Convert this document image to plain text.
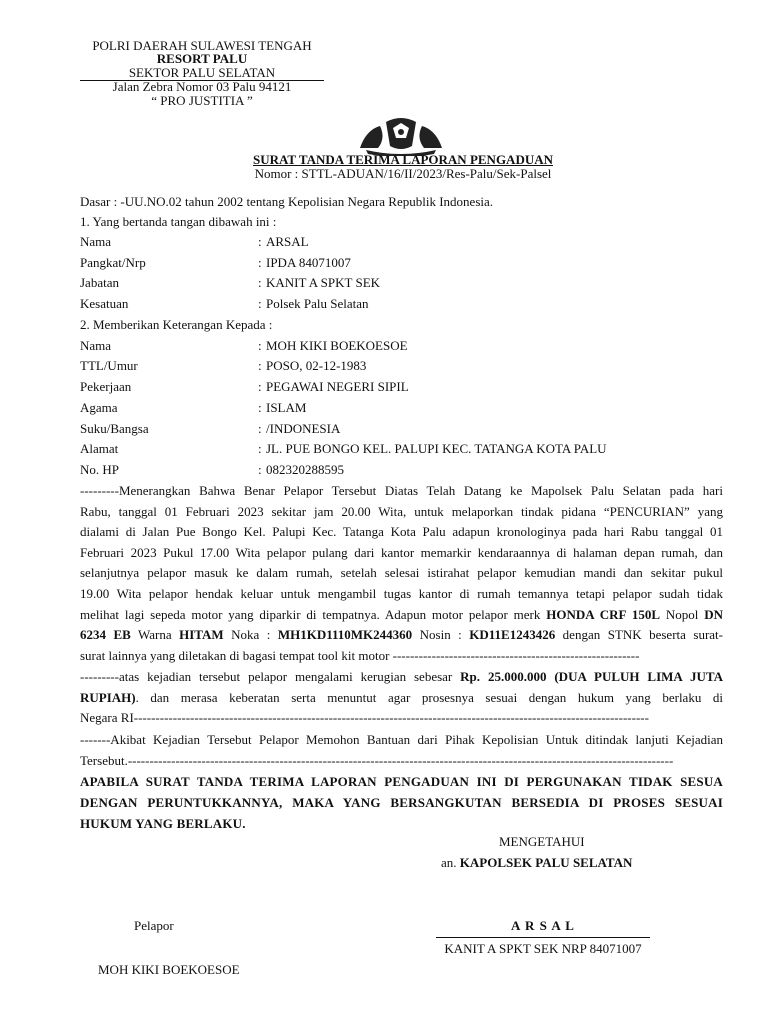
POLRI DAERAH SULAWESI TENGAH
RESORT PALU
SEKTOR PALU SELATAN
Jalan Zebra Nomor 03 Palu 94121
“ PRO JUSTITIA ”
SURAT TANDA TERIMA LAPORAN PENGADUAN
Nomor : STTL-ADUAN/16/II/2023/Res-Palu/Sek-Palsel
Dasar : -UU.NO.02 tahun 2002 tentang Kepolisian Negara Republik Indonesia.
1. Yang bertanda tangan dibawah ini :
Nama	: ARSAL
Pangkat/Nrp	: IPDA 84071007
Jabatan	: KANIT A SPKT SEK
Kesatuan	: Polsek Palu Selatan
2. Memberikan Keterangan Kepada :
Nama	: MOH KIKI BOEKOESOE
TTL/Umur	: POSO, 02-12-1983
Pekerjaan	: PEGAWAI NEGERI SIPIL
Agama	: ISLAM
Suku/Bangsa	: /INDONESIA
Alamat	: JL. PUE BONGO KEL. PALUPI KEC. TATANGA KOTA PALU
No. HP	: 082320288595
---------Menerangkan Bahwa Benar Pelapor Tersebut Diatas Telah Datang ke Mapolsek Palu Selatan pada hari
Rabu, tanggal 01 Februari 2023 sekitar jam 20.00 Wita, untuk melaporkan tindak pidana “PENCURIAN” yang
dialami di Jalan Pue Bongo Kel. Palupi Kec. Tatanga Kota Palu adapun kronologinya pada hari Rabu tanggal 01
Februari 2023 Pukul 17.00 Wita pelapor pulang dari kantor memarkir kendaraannya di halaman depan rumah, dan
selanjutnya pelapor masuk ke dalam rumah, setelah selesai istirahat pelapor kemudian mandi dan sekitar pukul
19.00 Wita pelapor hendak keluar untuk mengambil tugas kantor di rumah temannya tetapi pelapor sudah tidak
melihat lagi sepeda motor yang diparkir di tempatnya. Adapun motor pelapor merk HONDA CRF 150L Nopol DN
6234 EB Warna HITAM Noka : MH1KD1110MK244360 Nosin : KD11E1243426 dengan STNK beserta surat-
surat lainnya yang diletakan di bagasi tempat tool kit motor ---------------------------------------------------------
---------atas kejadian tersebut pelapor mengalami kerugian sebesar Rp. 25.000.000 (DUA PULUH LIMA JUTA
RUPIAH). dan merasa keberatan serta menuntut agar prosesnya sesuai dengan hukum yang berlaku di
Negara RI-----------------------------------------------------------------------------------------------------------------------
-------Akibat Kejadian Tersebut Pelapor Memohon Bantuan dari Pihak Kepolisian Untuk ditindak lanjuti Kejadian
Tersebut.------------------------------------------------------------------------------------------------------------------------------
APABILA SURAT TANDA TERIMA LAPORAN PENGADUAN INI DI PERGUNAKAN TIDAK SESUA
DENGAN PERUNTUKKANNYA, MAKA YANG BERSANGKUTAN BERSEDIA DI PROSES SESUAI
HUKUM YANG BERLAKU.
MENGETAHUI
an. KAPOLSEK PALU SELATAN
Pelapor	A R S A L
KANIT A SPKT SEK NRP 84071007
MOH KIKI BOEKOESOE
